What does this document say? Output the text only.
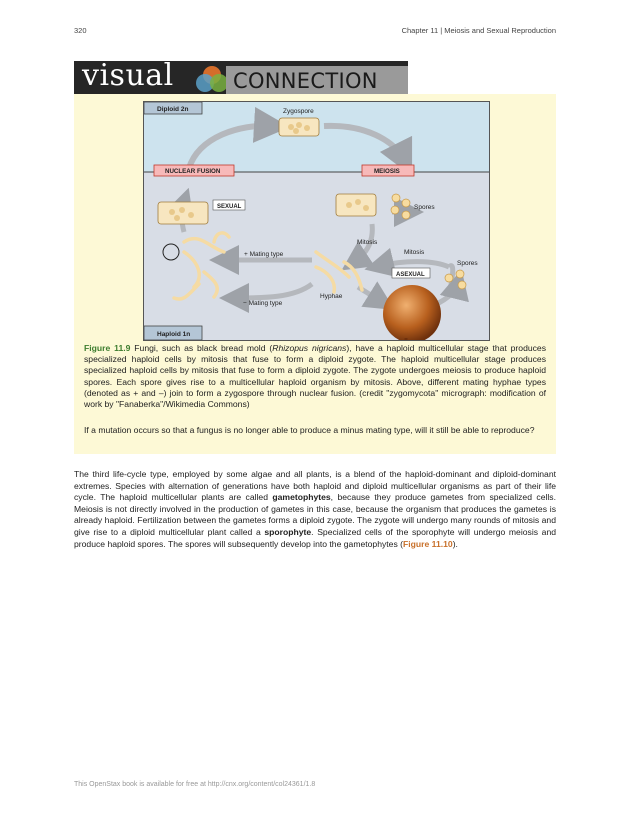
320	Chapter 11 | Meiosis and Sexual Reproduction
visual	CONNECTION
Diploid 2n
Haploid 1n
Zygospore
NUCLEAR FUSION	MEIOSIS
SEXUAL	Spores
Mitosis
Mitosis
+ Mating type
− Mating type
Hyphae
ASEXUAL
Spores
Figure 11.9 Fungi, such as black bread mold (Rhizopus nigricans), have a haploid multicellular stage that produces specialized haploid cells by mitosis that fuse to form a diploid zygote. The haploid multicellular stage produces specialized haploid cells by mitosis that fuse to form a diploid zygote. The zygote undergoes meiosis to produce haploid spores. Each spore gives rise to a multicellular haploid organism by mitosis. Above, different mating hyphae types (denoted as + and –) join to form a zygospore through nuclear fusion. (credit "zygomycota" micrograph: modification of work by "Fanaberka"/Wikimedia Commons)
If a mutation occurs so that a fungus is no longer able to produce a minus mating type, will it still be able to reproduce?
The third life-cycle type, employed by some algae and all plants, is a blend of the haploid-dominant and diploid-dominant extremes. Species with alternation of generations have both haploid and diploid multicellular organisms as part of their life cycle. The haploid multicellular plants are called gametophytes, because they produce gametes from specialized cells. Meiosis is not directly involved in the production of gametes in this case, because the organism that produces the gametes is already haploid. Fertilization between the gametes forms a diploid zygote. The zygote will undergo many rounds of mitosis and give rise to a diploid multicellular plant called a sporophyte. Specialized cells of the sporophyte will undergo meiosis and produce haploid spores. The spores will subsequently develop into the gametophytes (Figure 11.10).
This OpenStax book is available for free at http://cnx.org/content/col24361/1.8
